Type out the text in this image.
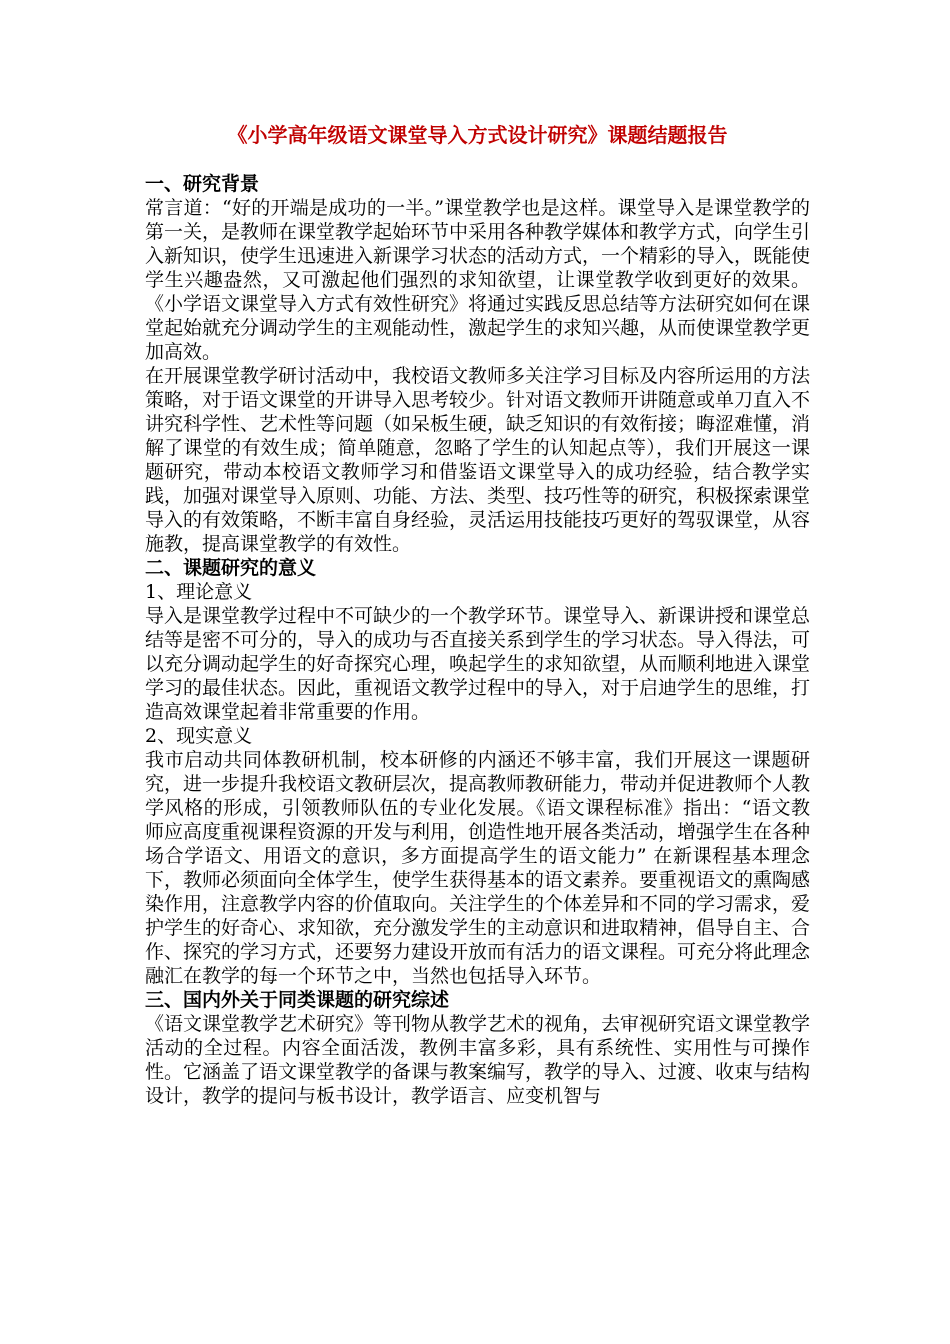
《小学高年级语文课堂导入方式设计研究》课题结题报告
一、研究背景

常言道：“好的开端是成功的一半。”课堂教学也是这样。课堂导入是课堂教学的第一关，是教师在课堂教学起始环节中采用各种教学媒体和教学方式，向学生引入新知识，使学生迅速进入新课学习状态的活动方式，一个精彩的导入，既能使学生兴趣盎然，又可激起他们强烈的求知欲望，让课堂教学收到更好的效果。《小学语文课堂导入方式有效性研究》将通过实践反思总结等方法研究如何在课堂起始就充分调动学生的主观能动性，激起学生的求知兴趣，从而使课堂教学更加高效。

在开展课堂教学研讨活动中，我校语文教师多关注学习目标及内容所运用的方法策略，对于语文课堂的开讲导入思考较少。针对语文教师开讲随意或单刀直入不讲究科学性、艺术性等问题（如呆板生硬，缺乏知识的有效衔接；晦涩难懂，消解了课堂的有效生成；简单随意，忽略了学生的认知起点等），我们开展这一课题研究，带动本校语文教师学习和借鉴语文课堂导入的成功经验，结合教学实践，加强对课堂导入原则、功能、方法、类型、技巧性等的研究，积极探索课堂导入的有效策略，不断丰富自身经验，灵活运用技能技巧更好的驾驭课堂，从容施教，提高课堂教学的有效性。

二、课题研究的意义
1、理论意义

导入是课堂教学过程中不可缺少的一个教学环节。课堂导入、新课讲授和课堂总结等是密不可分的，导入的成功与否直接关系到学生的学习状态。导入得法，可以充分调动起学生的好奇探究心理，唤起学生的求知欲望，从而顺利地进入课堂学习的最佳状态。因此，重视语文教学过程中的导入，对于启迪学生的思维，打造高效课堂起着非常重要的作用。

2、现实意义

我市启动共同体教研机制，校本研修的内涵还不够丰富，我们开展这一课题研究，进一步提升我校语文教研层次，提高教师教研能力，带动并促进教师个人教学风格的形成，引领教师队伍的专业化发展。《语文课程标准》指出：“语文教师应高度重视课程资源的开发与利用，创造性地开展各类活动，增强学生在各种场合学语文、用语文的意识，多方面提高学生的语文能力” 在新课程基本理念下，教师必须面向全体学生，使学生获得基本的语文素养。要重视语文的熏陶感染作用，注意教学内容的价值取向。关注学生的个体差异和不同的学习需求，爱护学生的好奇心、求知欲，充分激发学生的主动意识和进取精神，倡导自主、合作、探究的学习方式，还要努力建设开放而有活力的语文课程。可充分将此理念融汇在教学的每一个环节之中，当然也包括导入环节。

三、国内外关于同类课题的研究综述

《语文课堂教学艺术研究》等刊物从教学艺术的视角，去审视研究语文课堂教学活动的全过程。内容全面活泼，教例丰富多彩，具有系统性、实用性与可操作性。它涵盖了语文课堂教学的备课与教案编写，教学的导入、过渡、收束与结构设计，教学的提问与板书设计，教学语言、应变机智与
